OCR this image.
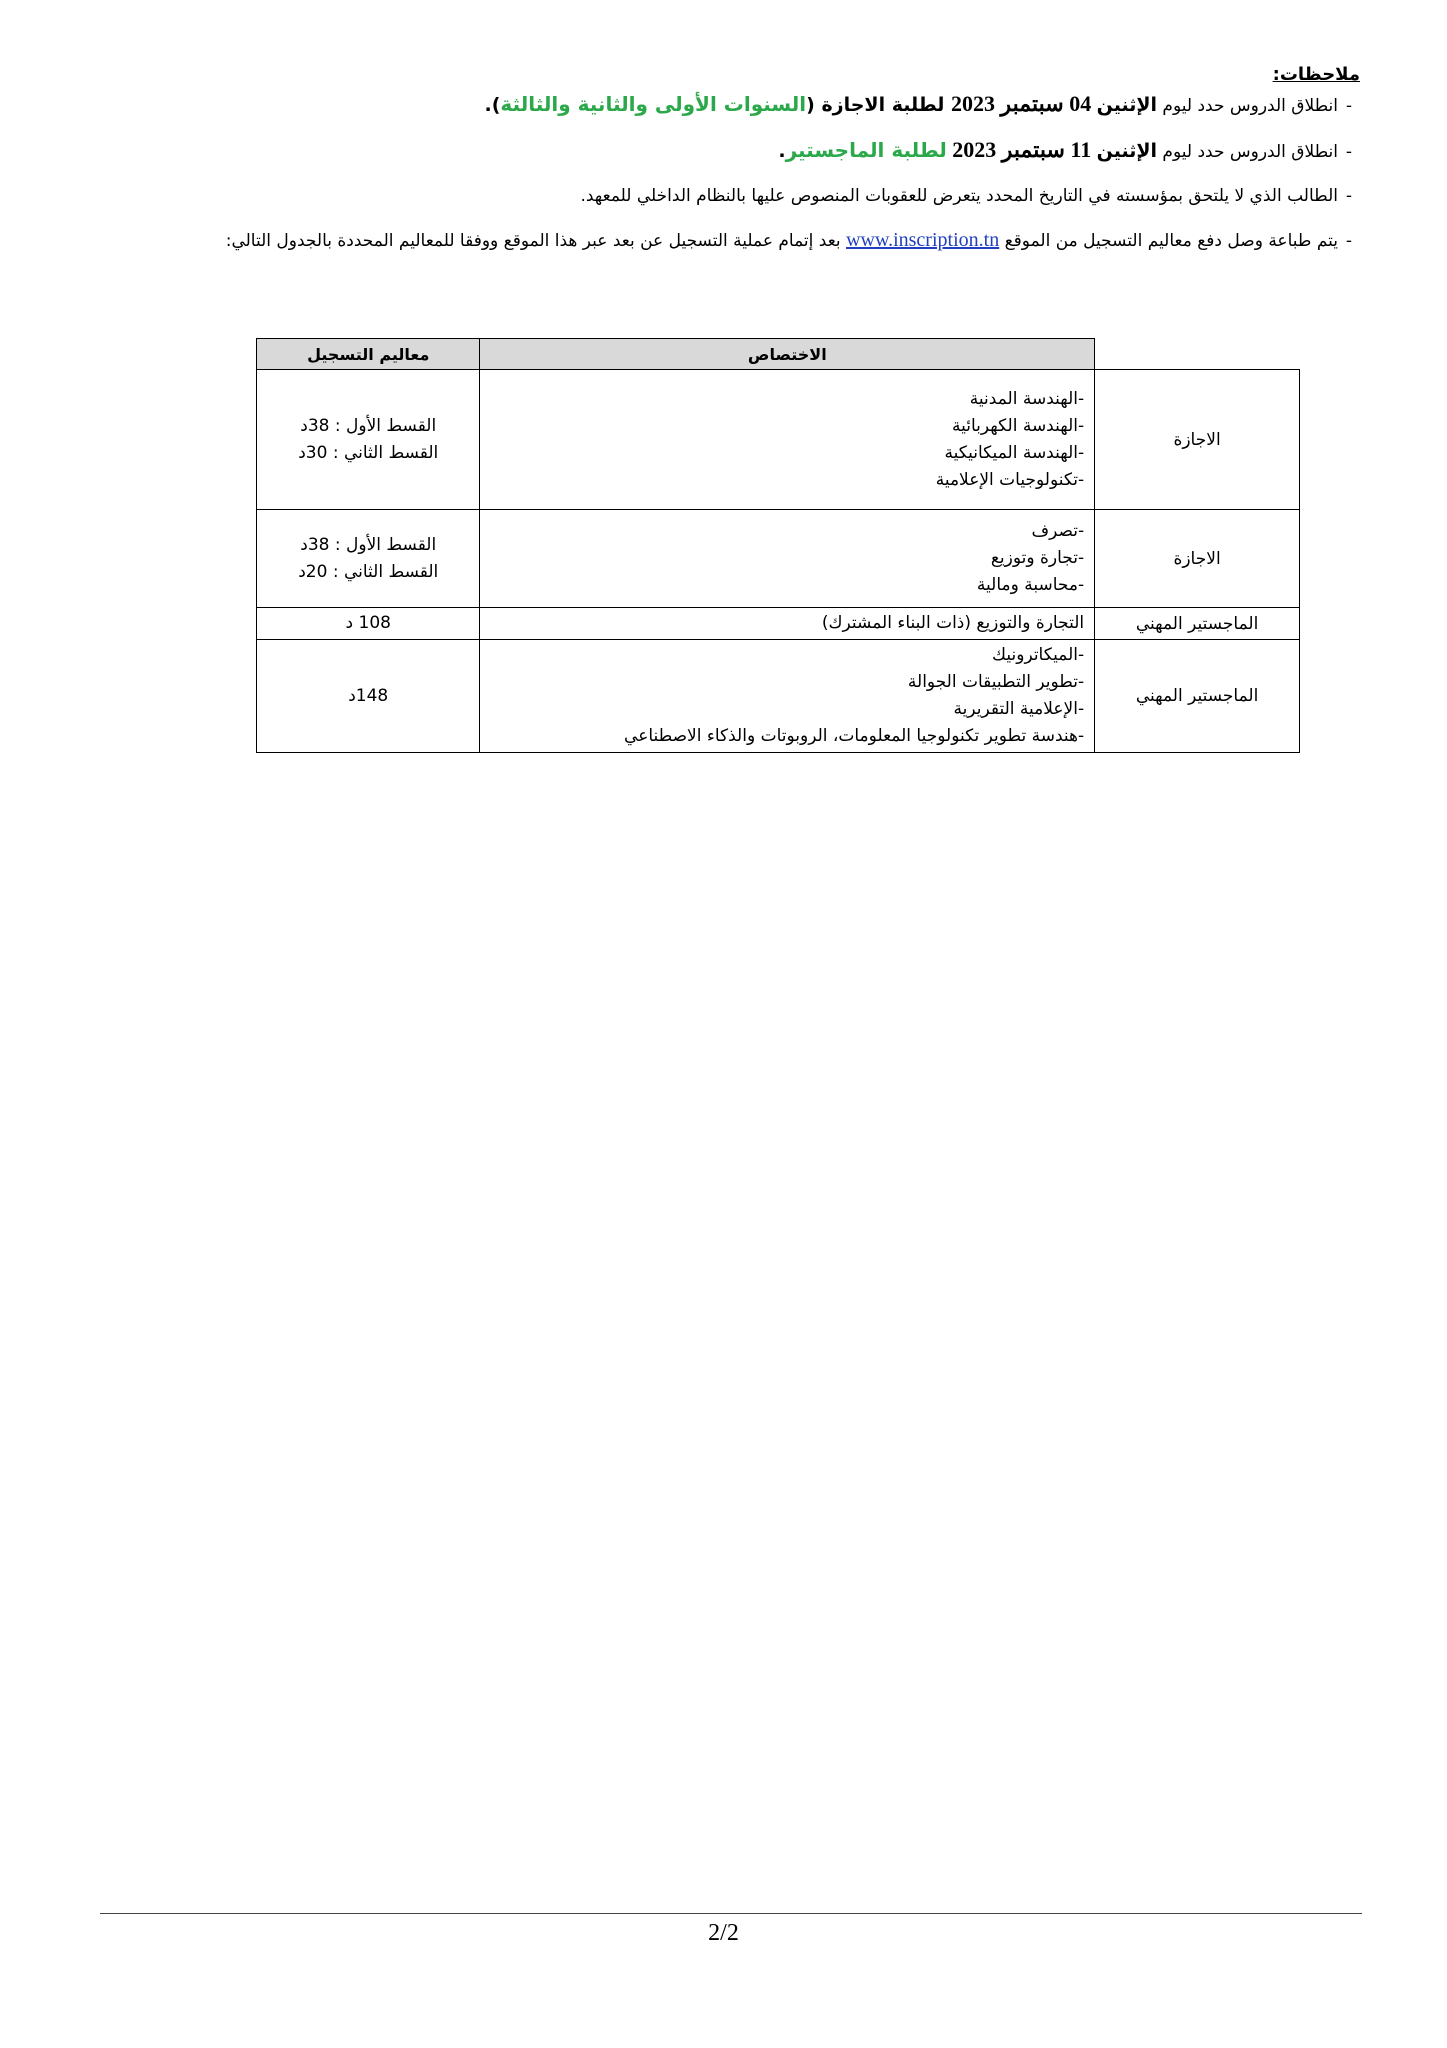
ملاحظات:
-انطلاق الدروس حدد ليوم الإثنين 04 سبتمبر 2023 لطلبة الاجازة (السنوات الأولى والثانية والثالثة).
-انطلاق الدروس حدد ليوم الإثنين 11 سبتمبر 2023 لطلبة الماجستير.
-الطالب الذي لا يلتحق بمؤسسته في التاريخ المحدد يتعرض للعقوبات المنصوص عليها بالنظام الداخلي للمعهد.
-يتم طباعة وصل دفع معاليم التسجيل من الموقع www.inscription.tn بعد إتمام عملية التسجيل عن بعد عبر هذا الموقع ووفقا للمعاليم المحددة بالجدول التالي:
	الاختصاص	معاليم التسجيل
الاجازة	-الهندسة المدنية
-الهندسة الكهربائية
-الهندسة الميكانيكية
-تكنولوجيات الإعلامية	القسط الأول : 38د
القسط الثاني : 30د

الاجازة	-تصرف
-تجارة وتوزيع
-محاسبة ومالية	القسط الأول : 38د
القسط الثاني : 20د

الماجستير المهني	التجارة والتوزيع (ذات البناء المشترك)	108 د

الماجستير المهني	-الميكاترونيك
-تطوير التطبيقات الجوالة
-الإعلامية التقريرية
-هندسة تطوير تكنولوجيا المعلومات، الروبوتات والذكاء الاصطناعي	148د
2/2
